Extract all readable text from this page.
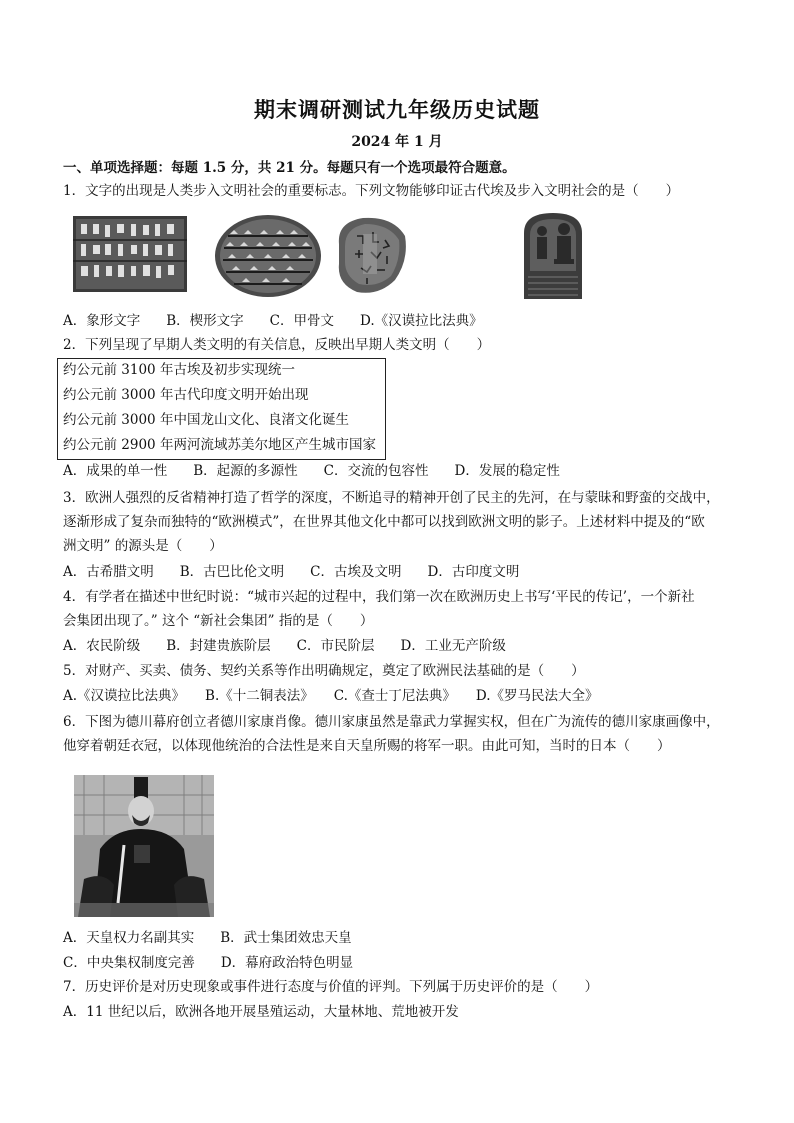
期末调研测试九年级历史试题
2024 年 1 月
一、单项选择题：每题 1.5 分，共 21 分。每题只有一个选项最符合题意。
1．文字的出现是人类步入文明社会的重要标志。下列文物能够印证古代埃及步入文明社会的是（　　）
A．象形文字 B．楔形文字 C．甲骨文 D.《汉谟拉比法典》
2．下列呈现了早期人类文明的有关信息，反映出早期人类文明（　　）
约公元前 3100 年古埃及初步实现统一
约公元前 3000 年古代印度文明开始出现
约公元前 3000 年中国龙山文化、良渚文化诞生
约公元前 2900 年两河流域苏美尔地区产生城市国家
A．成果的单一性 B．起源的多源性 C．交流的包容性 D．发展的稳定性
3．欧洲人强烈的反省精神打造了哲学的深度，不断追寻的精神开创了民主的先河，在与蒙昧和野蛮的交战中，
逐渐形成了复杂而独特的“欧洲模式”，在世界其他文化中都可以找到欧洲文明的影子。上述材料中提及的“欧
洲文明” 的源头是（　　）
A．古希腊文明 B．古巴比伦文明 C．古埃及文明 D．古印度文明
4．有学者在描述中世纪时说：“城市兴起的过程中，我们第一次在欧洲历史上书写‘平民的传记’，一个新社
会集团出现了。” 这个 “新社会集团” 指的是（　　）
A．农民阶级 B．封建贵族阶层 C．市民阶层 D．工业无产阶级
5．对财产、买卖、债务、契约关系等作出明确规定，奠定了欧洲民法基础的是（　　）
A.《汉谟拉比法典》 B.《十二铜表法》 C.《查士丁尼法典》 D.《罗马民法大全》
6．下图为德川幕府创立者德川家康肖像。德川家康虽然是靠武力掌握实权，但在广为流传的德川家康画像中，
他穿着朝廷衣冠，以体现他统治的合法性是来自天皇所赐的将军一职。由此可知，当时的日本（　　）
A．天皇权力名副其实 B．武士集团效忠天皇
C．中央集权制度完善 D．幕府政治特色明显
7．历史评价是对历史现象或事件进行态度与价值的评判。下列属于历史评价的是（　　）
A．11 世纪以后，欧洲各地开展垦殖运动，大量林地、荒地被开发
